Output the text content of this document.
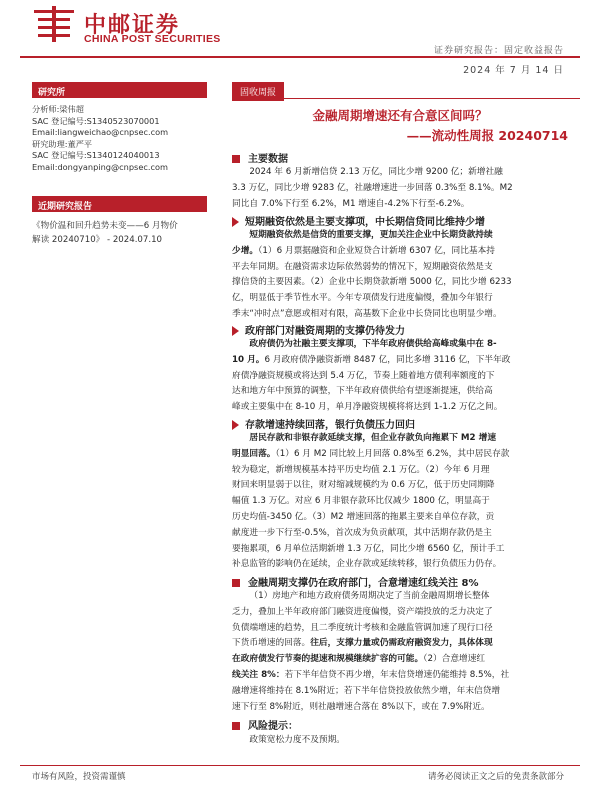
中邮证券
CHINA POST SECURITIES
证券研究报告：固定收益报告
2024 年 7 月 14 日
研究所
分析师:梁伟超
SAC 登记编号:S1340523070001
Email:liangweichao@cnpsec.com
研究助理:董严平
SAC 登记编号:S1340124040013
Email:dongyanping@cnpsec.com
近期研究报告
《物价温和回升趋势未变——6 月物价
解读 20240710》 - 2024.07.10
固收周报
金融周期增速还有合意区间吗？
——流动性周报 20240714
主要数据

2024 年 6 月新增信贷 2.13 万亿，同比少增 9200 亿；新增社融

3.3 万亿，同比少增 9283 亿，社融增速进一步回落 0.3%至 8.1%。M2

同比自 7.0%下行至 6.2%，M1 增速自-4.2%下行至-6.2%。

短期融资依然是主要支撑项，中长期信贷同比维持少增

短期融资依然是信贷的重要支撑，更加关注企业中长期贷款持续

少增。（1）6 月票据融资和企业短贷合计新增 6307 亿，同比基本持

平去年同期。在融资需求边际依然弱势的情况下，短期融资依然是支

撑信贷的主要因素。（2）企业中长期贷款新增 5000 亿，同比少增 6233

亿，明显低于季节性水平。今年专项债发行进度偏慢，叠加今年银行

季末“冲时点”意愿或相对有限，高基数下企业中长贷同比也明显少增。

政府部门对融资周期的支撑仍待发力

政府债仍为社融主要支撑项，下半年政府债供给高峰或集中在 8-

10 月。6 月政府债净融资新增 8487 亿，同比多增 3116 亿，下半年政

府债净融资规模或将达到 5.4 万亿，节奏上随着地方债利率额度的下

达和地方年中预算的调整，下半年政府债供给有望逐渐提速，供给高

峰或主要集中在 8-10 月，单月净融资规模将将达到 1-1.2 万亿之间。

存款增速持续回落，银行负债压力回归

居民存款和非银存款延续支撑，但企业存款负向拖累下 M2 增速

明显回落。（1）6 月 M2 同比较上月回落 0.8%至 6.2%，其中居民存款

较为稳定，新增规模基本持平历史均值 2.1 万亿。（2）今年 6 月理

财回来明显弱于以往，财对缩减规模约为 0.6 万亿，低于历史同期降

幅值 1.3 万亿。对应 6 月非银存款环比仅减少 1800 亿，明显高于

历史均值-3450 亿。（3）M2 增速回落的拖累主要来自单位存款，贡

献度进一步下行至-0.5%，首次成为负贡献项，其中活期存款仍是主

要拖累项，6 月单位活期新增 1.3 万亿，同比少增 6560 亿，预计手工

补息监管的影响仍在延续，企业存款或延续转移，银行负债压力仍存。

金融周期支撑仍在政府部门，合意增速红线关注 8%

（1）房地产和地方政府债务周期决定了当前金融周期增长整体

乏力，叠加上半年政府部门融资进度偏慢，资产端投放的乏力决定了

负债端增速的趋势，且二季度统计考核和金融监管调加速了现行口径

下货币增速的回落。往后，支撑力量或仍需政府融资发力，具体体现

在政府债发行节奏的提速和规模继续扩容的可能。（2）合意增速红

线关注 8%：若下半年信贷不再少增，年末信贷增速仍能维持 8.5%，社

融增速将维持在 8.1%附近；若下半年信贷投放依然少增，年末信贷增

速下行至 8%附近，则社融增速合落在 8%以下，或在 7.9%附近。

风险提示：

政策宽松力度不及预期。

市场有风险，投资需谨慎	请务必阅读正文之后的免责条款部分
